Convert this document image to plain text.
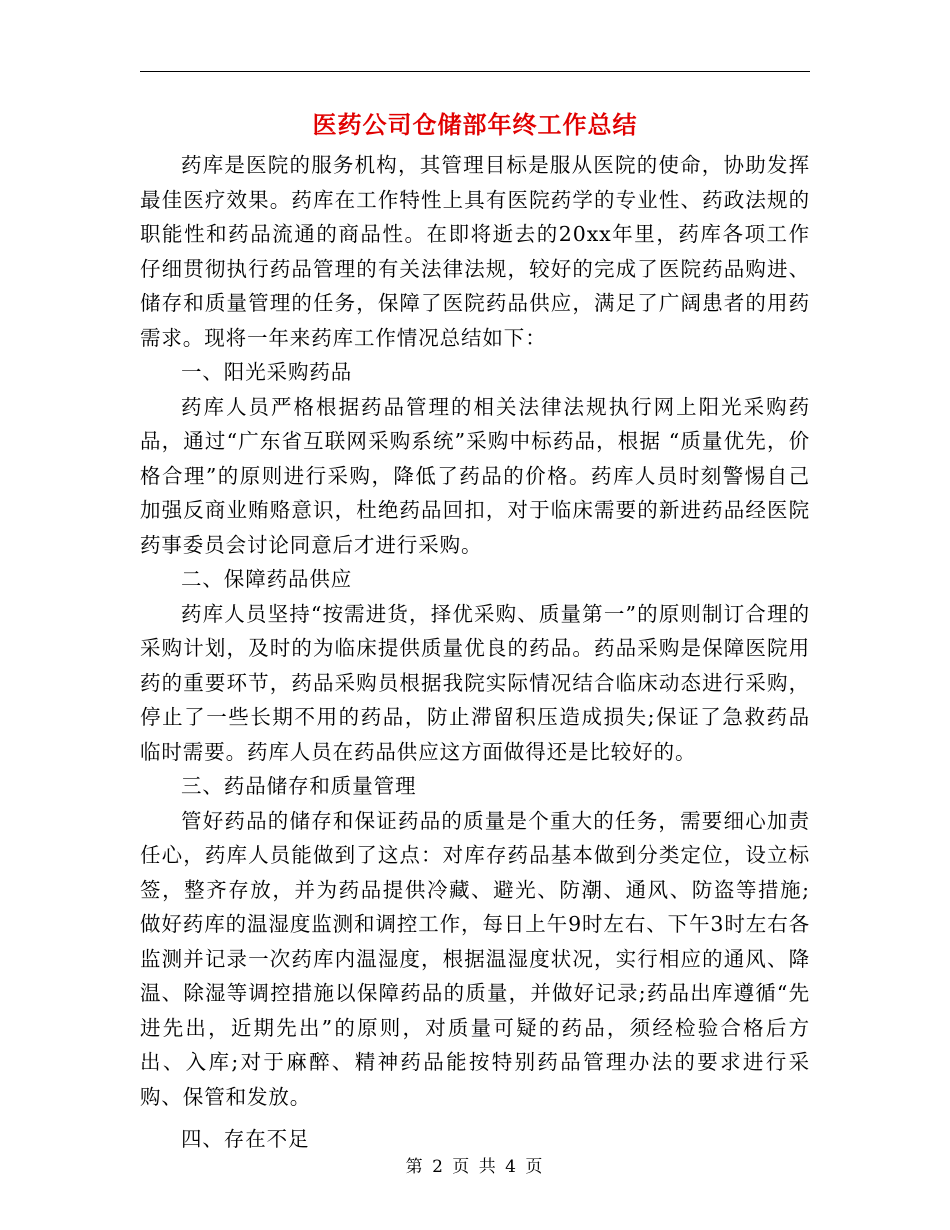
医药公司仓储部年终工作总结

药库是医院的服务机构，其管理目标是服从医院的使命，协助发挥最佳医疗效果。药库在工作特性上具有医院药学的专业性、药政法规的职能性和药品流通的商品性。在即将逝去的20xx年里，药库各项工作仔细贯彻执行药品管理的有关法律法规，较好的完成了医院药品购进、储存和质量管理的任务，保障了医院药品供应，满足了广阔患者的用药需求。现将一年来药库工作情况总结如下：

一、阳光采购药品

药库人员严格根据药品管理的相关法律法规执行网上阳光采购药品，通过“广东省互联网采购系统”采购中标药品，根据 “质量优先，价格合理”的原则进行采购，降低了药品的价格。药库人员时刻警惕自己加强反商业贿赂意识，杜绝药品回扣，对于临床需要的新进药品经医院药事委员会讨论同意后才进行采购。

二、保障药品供应

药库人员坚持“按需进货，择优采购、质量第一”的原则制订合理的采购计划，及时的为临床提供质量优良的药品。药品采购是保障医院用药的重要环节，药品采购员根据我院实际情况结合临床动态进行采购，停止了一些长期不用的药品，防止滞留积压造成损失;保证了急救药品临时需要。药库人员在药品供应这方面做得还是比较好的。

三、药品储存和质量管理

管好药品的储存和保证药品的质量是个重大的任务，需要细心加责任心，药库人员能做到了这点：对库存药品基本做到分类定位，设立标签，整齐存放，并为药品提供冷藏、避光、防潮、通风、防盗等措施;做好药库的温湿度监测和调控工作，每日上午9时左右、下午3时左右各监测并记录一次药库内温湿度，根据温湿度状况，实行相应的通风、降温、除湿等调控措施以保障药品的质量，并做好记录;药品出库遵循“先进先出，近期先出”的原则，对质量可疑的药品，须经检验合格后方出、入库;对于麻醉、精神药品能按特别药品管理办法的要求进行采购、保管和发放。

四、存在不足

第 2 页 共 4 页
